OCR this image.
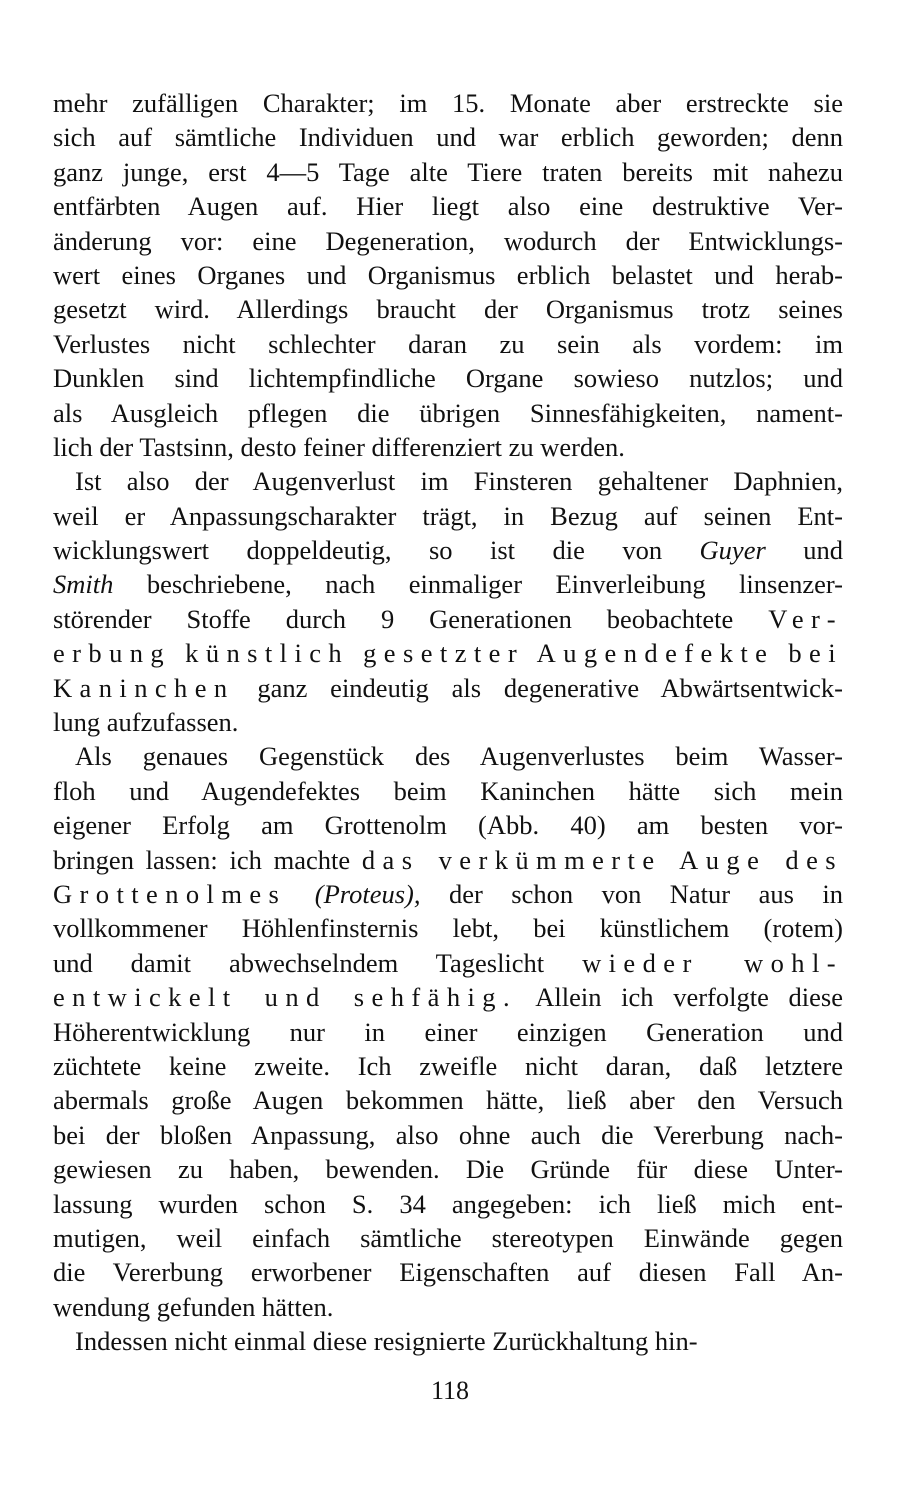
mehr zufälligen Charakter; im 15. Monate aber erstreckte sie
sich auf sämtliche Individuen und war erblich geworden; denn
ganz junge, erst 4—5 Tage alte Tiere traten bereits mit nahezu
entfärbten Augen auf. Hier liegt also eine destruktive Ver-
änderung vor: eine Degeneration, wodurch der Entwicklungs-
wert eines Organes und Organismus erblich belastet und herab-
gesetzt wird. Allerdings braucht der Organismus trotz seines
Verlustes nicht schlechter daran zu sein als vordem: im
Dunklen sind lichtempfindliche Organe sowieso nutzlos; und
als Ausgleich pflegen die übrigen Sinnesfähigkeiten, nament-
lich der Tastsinn, desto feiner differenziert zu werden.
Ist also der Augenverlust im Finsteren gehaltener Daphnien,
weil er Anpassungscharakter trägt, in Bezug auf seinen Ent-
wicklungswert doppeldeutig, so ist die von Guyer und
Smith beschriebene, nach einmaliger Einverleibung linsenzer-
störender Stoffe durch 9 Generationen beobachtete Ver-
erbung künstlich gesetzter Augendefekte bei
Kaninchen ganz eindeutig als degenerative Abwärtsentwick-
lung aufzufassen.
Als genaues Gegenstück des Augenverlustes beim Wasser-
floh und Augendefektes beim Kaninchen hätte sich mein
eigener Erfolg am Grottenolm (Abb. 40) am besten vor-
bringen lassen: ich machte das verkümmerte Auge des
Grottenolmes (Proteus), der schon von Natur aus in
vollkommener Höhlenfinsternis lebt, bei künstlichem (rotem)
und damit abwechselndem Tageslicht wieder wohl-
entwickelt und sehfähig. Allein ich verfolgte diese
Höherentwicklung nur in einer einzigen Generation und
züchtete keine zweite. Ich zweifle nicht daran, daß letztere
abermals große Augen bekommen hätte, ließ aber den Versuch
bei der bloßen Anpassung, also ohne auch die Vererbung nach-
gewiesen zu haben, bewenden. Die Gründe für diese Unter-
lassung wurden schon S. 34 angegeben: ich ließ mich ent-
mutigen, weil einfach sämtliche stereotypen Einwände gegen
die Vererbung erworbener Eigenschaften auf diesen Fall An-
wendung gefunden hätten.
Indessen nicht einmal diese resignierte Zurückhaltung hin-
118
